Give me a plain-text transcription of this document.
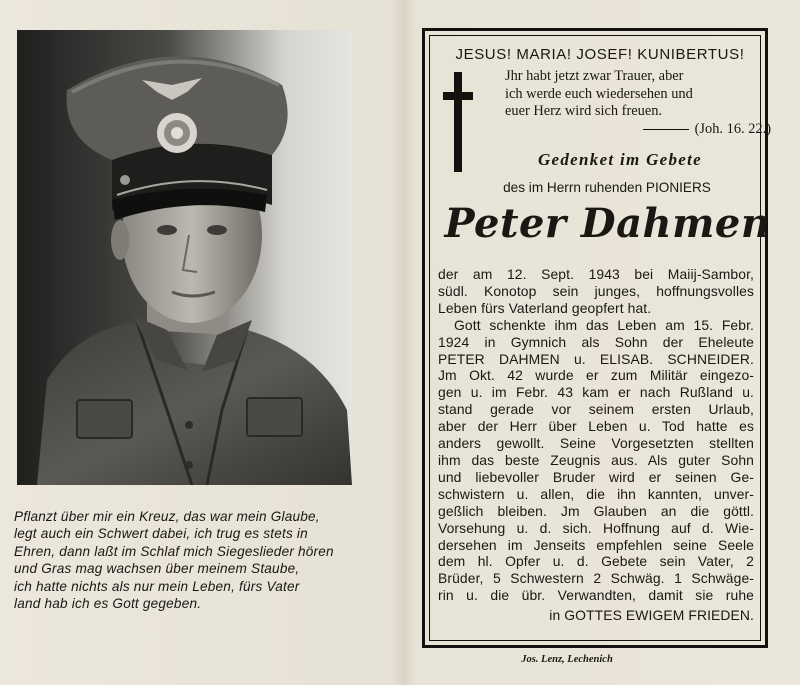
Pflanzt über mir ein Kreuz, das war mein Glaube,
legt auch ein Schwert dabei, ich trug es stets in
Ehren, dann laßt im Schlaf mich Siegeslieder hören
und Gras mag wachsen über meinem Staube,
ich hatte nichts als nur mein Leben, fürs Vater
land hab ich es Gott gegeben.
JESUS! MARIA! JOSEF! KUNIBERTUS!
Jhr habt jetzt zwar Trauer, aber
ich werde euch wiedersehen und
euer Herz wird sich freuen.
(Joh. 16. 22.)
Gedenket im Gebete
des im Herrn ruhenden PIONIERS
Peter Dahmen
der am 12. Sept. 1943 bei Maiij-Sambor,
südl. Konotop sein junges, hoffnungsvolles
Leben fürs Vaterland geopfert hat.
Gott schenkte ihm das Leben am 15. Febr.
1924 in Gymnich als Sohn der Eheleute
PETER DAHMEN u. ELISAB. SCHNEIDER.
Jm Okt. 42 wurde er zum Militär eingezo-
gen u. im Febr. 43 kam er nach Rußland u.
stand gerade vor seinem ersten Urlaub,
aber der Herr über Leben u. Tod hatte es
anders gewollt. Seine Vorgesetzten stellten
ihm das beste Zeugnis aus. Als guter Sohn
und liebevoller Bruder wird er seinen Ge-
schwistern u. allen, die ihn kannten, unver-
geßlich bleiben. Jm Glauben an die göttl.
Vorsehung u. d. sich. Hoffnung auf d. Wie-
dersehen im Jenseits empfehlen seine Seele
dem hl. Opfer u. d. Gebete sein Vater, 2
Brüder, 5 Schwestern 2 Schwäg. 1 Schwäge-
rin u. die übr. Verwandten, damit sie ruhe
in GOTTES EWIGEM FRIEDEN.
Jos. Lenz, Lechenich
